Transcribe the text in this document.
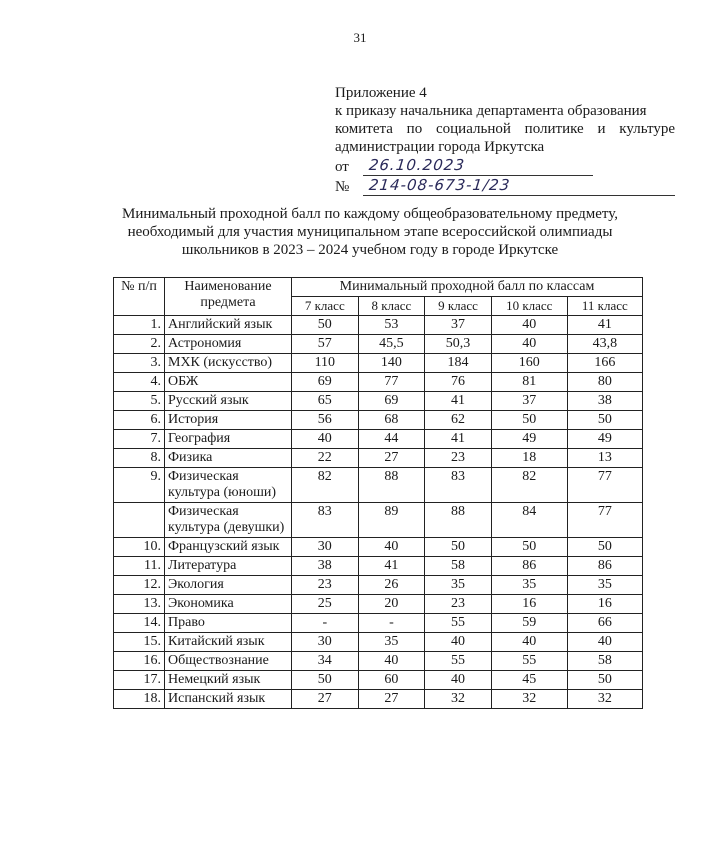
31
Приложение 4
к приказу начальника департамента образования
комитета по социальной политике и культуре
администрации города Иркутска
от	26.10.2023
№	214-08-673-1/23
Минимальный проходной балл по каждому общеобразовательному предмету,
необходимый для участия муниципальном этапе всероссийской олимпиады
школьников в 2023 – 2024 учебном году в городе Иркутске
№ п/п	Наименование предмета	Минимальный проходной балл по классам				
		7 класс	8 класс	9 класс	10 класс	11 класс
1.	Английский язык	50	53	37	40	41
2.	Астрономия	57	45,5	50,3	40	43,8
3.	МХК (искусство)	110	140	184	160	166
4.	ОБЖ	69	77	76	81	80
5.	Русский язык	65	69	41	37	38
6.	История	56	68	62	50	50
7.	География	40	44	41	49	49
8.	Физика	22	27	23	18	13
9.	Физическая культура (юноши)	82	88	83	82	77
	Физическая культура (девушки)	83	89	88	84	77
10.	Французский язык	30	40	50	50	50
11.	Литература	38	41	58	86	86
12.	Экология	23	26	35	35	35
13.	Экономика	25	20	23	16	16
14.	Право	-	-	55	59	66
15.	Китайский язык	30	35	40	40	40
16.	Обществознание	34	40	55	55	58
17.	Немецкий язык	50	60	40	45	50
18.	Испанский язык	27	27	32	32	32
